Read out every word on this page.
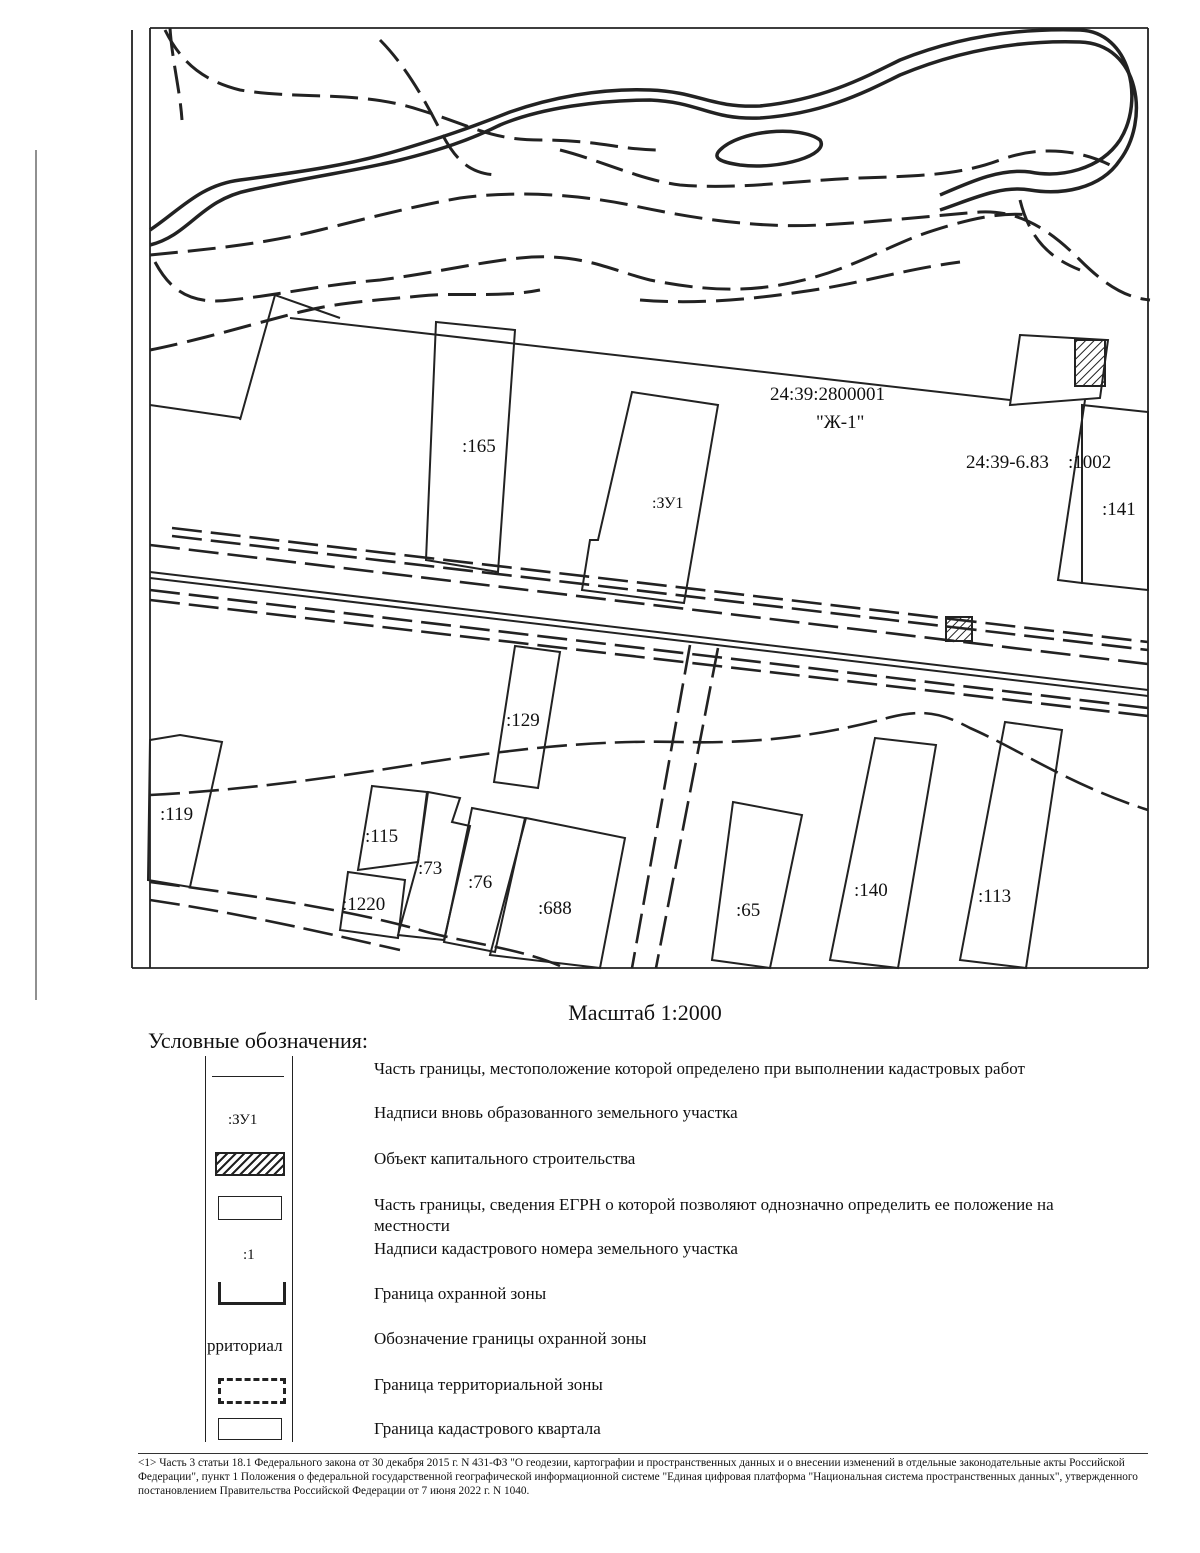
24:39:2800001
"Ж-1"
24:39-6.83 :1002
:165
:ЗУ1	:141
:129
:119
:115
:73
:76
:688
:1220	:65
:140	:113
Масштаб 1:2000
Условные обозначения:
:ЗУ1
:1
рриториал
Часть границы, местоположение которой определено при выполнении кадастровых работ
Надписи вновь образованного земельного участка
Объект капитального строительства
Часть границы, сведения ЕГРН о которой позволяют однозначно определить ее положение на местности
Надписи кадастрового номера земельного участка
Граница охранной зоны
Обозначение границы охранной зоны
Граница территориальной зоны
Граница кадастрового квартала
<1> Часть 3 статьи 18.1 Федерального закона от 30 декабря 2015 г. N 431-ФЗ "О геодезии, картографии и пространственных данных и о внесении изменений в отдельные законодательные акты Российской Федерации", пункт 1 Положения о федеральной государственной географической информационной системе "Единая цифровая платформа "Национальная система пространственных данных", утвержденного постановлением Правительства Российской Федерации от 7 июня 2022 г. N 1040.
